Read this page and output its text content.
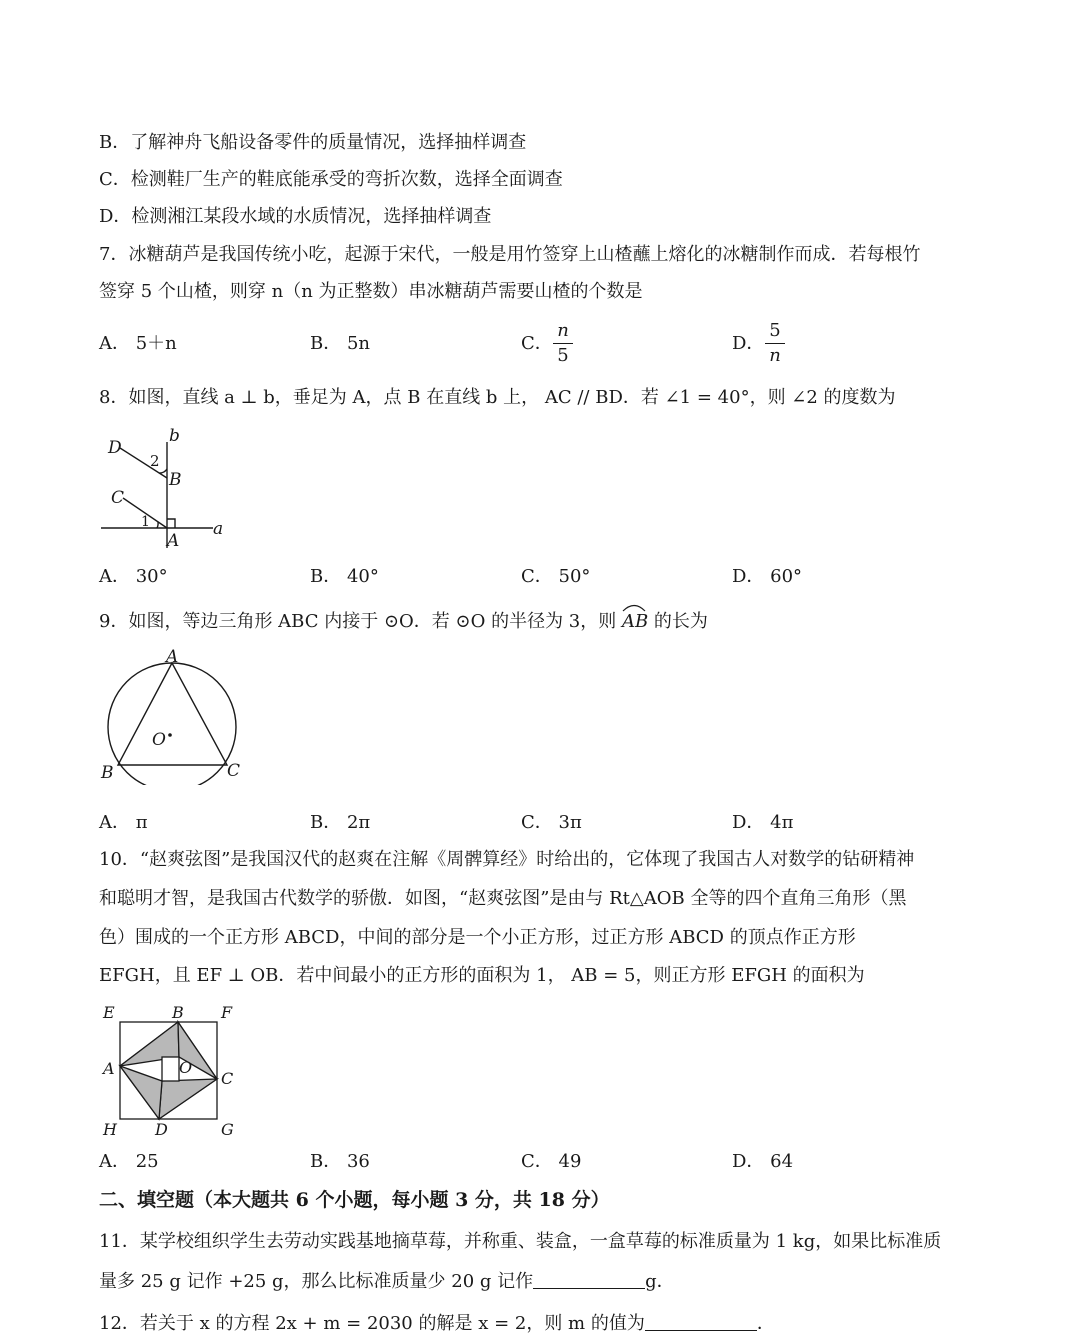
B．了解神舟飞船设备零件的质量情况，选择抽样调查
C．检测鞋厂生产的鞋底能承受的弯折次数，选择全面调查
D．检测湘江某段水域的水质情况，选择抽样调查
7．冰糖葫芦是我国传统小吃，起源于宋代，一般是用竹签穿上山楂蘸上熔化的冰糖制作而成．若每根竹
签穿 5 个山楂，则穿 n（n 为正整数）串冰糖葫芦需要山楂的个数是
A． 5＋n	B． 5n	C．
n
5
D．
5
n
8．如图，直线 a ⊥ b，垂足为 A，点 B 在直线 b 上， AC // BD．若 ∠1 = 40°，则 ∠2 的度数为
D
2
b
B
C
1
A
a
A． 30°	B． 40°	C． 50°	D． 60°
9．如图，等边三角形 ABC 内接于 ⊙O．若 ⊙O 的半径为 3，则
AB 的长为
A
O
B	C
A． π	B． 2π	C． 3π	D． 4π
10．“赵爽弦图”是我国汉代的赵爽在注解《周髀算经》时给出的，它体现了我国古人对数学的钻研精神
和聪明才智，是我国古代数学的骄傲．如图，“赵爽弦图”是由与 Rt△AOB 全等的四个直角三角形（黑
色）围成的一个正方形 ABCD，中间的部分是一个小正方形，过正方形 ABCD 的顶点作正方形
EFGH，且 EF ⊥ OB．若中间最小的正方形的面积为 1， AB = 5，则正方形 EFGH 的面积为
E	B F
A	O
C
H D	G
A． 25	B． 36	C． 49	D． 64
二、填空题（本大题共 6 个小题，每小题 3 分，共 18 分）
11．某学校组织学生去劳动实践基地摘草莓，并称重、装盒，一盒草莓的标准质量为 1 kg，如果比标准质
量多 25 g 记作 +25 g，那么比标准质量少 20 g 记作	g．
12．若关于 x 的方程 2x + m = 2030 的解是 x = 2，则 m 的值为	．
